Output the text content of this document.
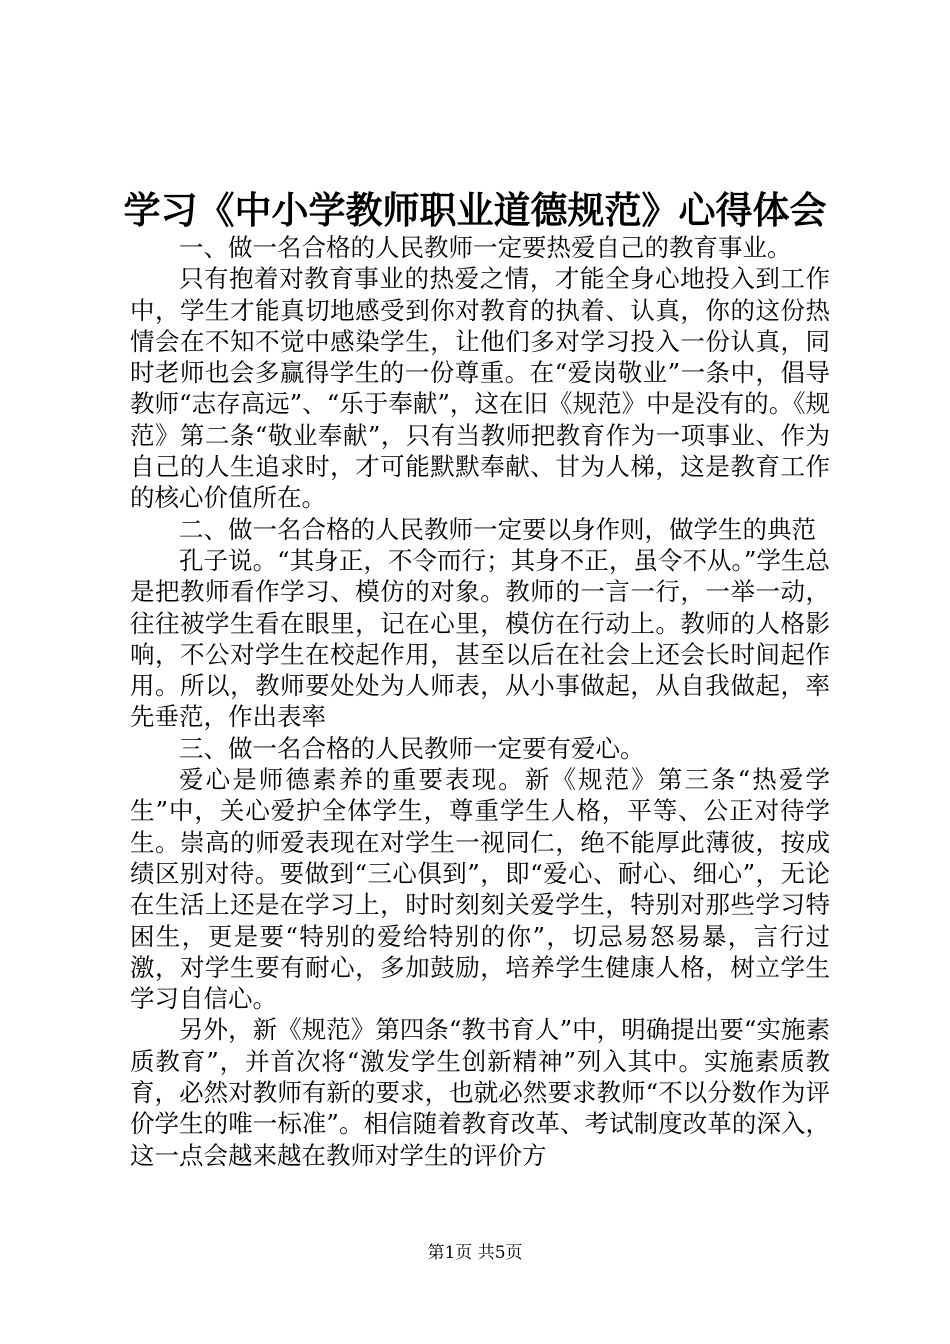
学习《中小学教师职业道德规范》心得体会

一、做一名合格的人民教师一定要热爱自己的教育事业。

只有抱着对教育事业的热爱之情，才能全身心地投入到工作中，学生才能真切地感受到你对教育的执着、认真，你的这份热情会在不知不觉中感染学生，让他们多对学习投入一份认真，同时老师也会多赢得学生的一份尊重。在“爱岗敬业”一条中，倡导教师“志存高远”、“乐于奉献”，这在旧《规范》中是没有的。《规范》第二条“敬业奉献”，只有当教师把教育作为一项事业、作为自己的人生追求时，才可能默默奉献、甘为人梯，这是教育工作的核心价值所在。

二、做一名合格的人民教师一定要以身作则，做学生的典范

孔子说。“其身正，不令而行；其身不正，虽令不从。”学生总是把教师看作学习、模仿的对象。教师的一言一行，一举一动，往往被学生看在眼里，记在心里，模仿在行动上。教师的人格影响，不公对学生在校起作用，甚至以后在社会上还会长时间起作用。所以，教师要处处为人师表，从小事做起，从自我做起，率先垂范，作出表率

三、做一名合格的人民教师一定要有爱心。

爱心是师德素养的重要表现。新《规范》第三条“热爱学生”中，关心爱护全体学生，尊重学生人格，平等、公正对待学生。崇高的师爱表现在对学生一视同仁，绝不能厚此薄彼，按成绩区别对待。要做到“三心俱到”，即“爱心、耐心、细心”，无论在生活上还是在学习上，时时刻刻关爱学生，特别对那些学习特困生，更是要“特别的爱给特别的你”，切忌易怒易暴，言行过激，对学生要有耐心，多加鼓励，培养学生健康人格，树立学生学习自信心。

另外，新《规范》第四条“教书育人”中，明确提出要“实施素质教育”，并首次将“激发学生创新精神”列入其中。实施素质教育，必然对教师有新的要求，也就必然要求教师“不以分数作为评价学生的唯一标准”。相信随着教育改革、考试制度改革的深入，这一点会越来越在教师对学生的评价方

第1页 共5页
